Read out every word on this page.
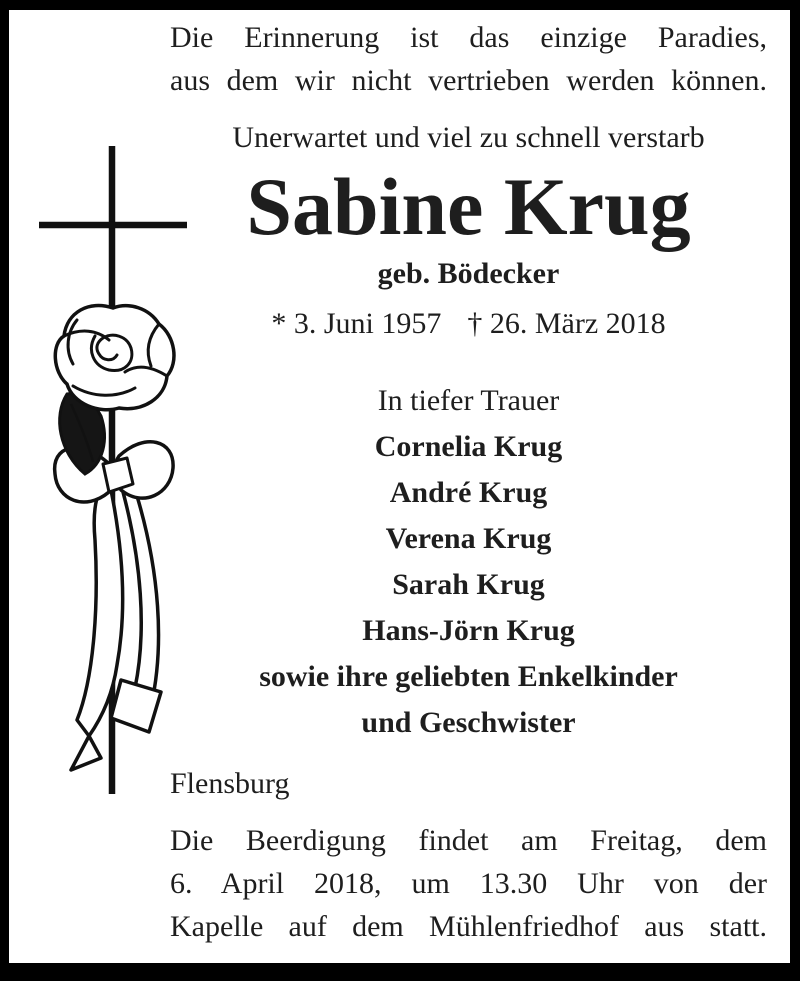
Die Erinnerung ist das einzige Paradies,
aus dem wir nicht vertrieben werden können.
Unerwartet und viel zu schnell verstarb
Sabine Krug
geb. Bödecker
* 3. Juni 1957 † 26. März 2018
In tiefer Trauer
Cornelia Krug
André Krug
Verena Krug
Sarah Krug
Hans-Jörn Krug
sowie ihre geliebten Enkelkinder
und Geschwister
Flensburg
Die Beerdigung findet am Freitag, dem
6. April 2018, um 13.30 Uhr von der
Kapelle auf dem Mühlenfriedhof aus statt.
